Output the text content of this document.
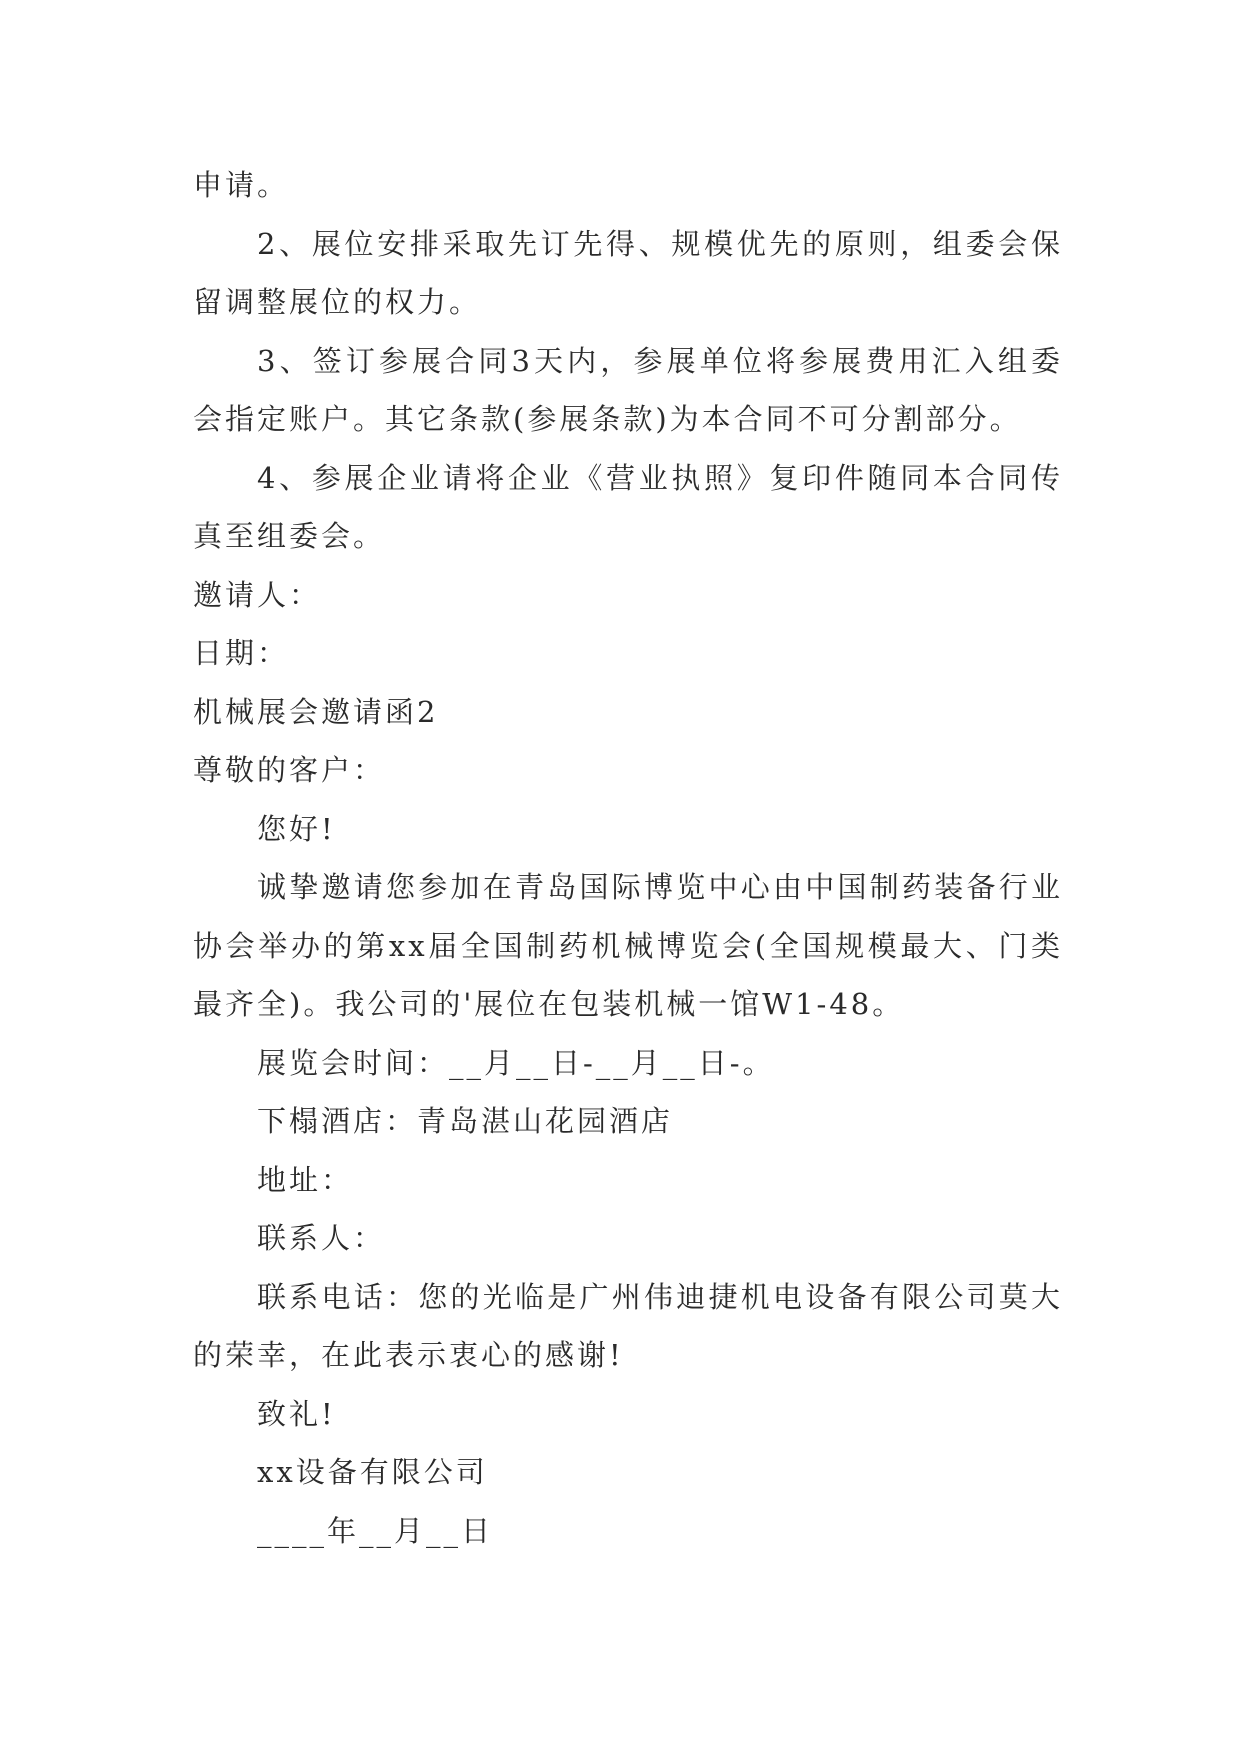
申请。

2、展位安排采取先订先得、规模优先的原则，组委会保留调整展位的权力。

3、签订参展合同3天内，参展单位将参展费用汇入组委会指定账户。其它条款(参展条款)为本合同不可分割部分。

4、参展企业请将企业《营业执照》复印件随同本合同传真至组委会。

邀请人：

日期：

机械展会邀请函2

尊敬的客户：

您好!

诚挚邀请您参加在青岛国际博览中心由中国制药装备行业协会举办的第xx届全国制药机械博览会(全国规模最大、门类最齐全)。我公司的'展位在包装机械一馆W1-48。

展览会时间：__月__日-__月__日-。

下榻酒店：青岛湛山花园酒店

地址：

联系人：

联系电话：您的光临是广州伟迪捷机电设备有限公司莫大的荣幸，在此表示衷心的感谢!

致礼!

xx设备有限公司

____年__月__日
